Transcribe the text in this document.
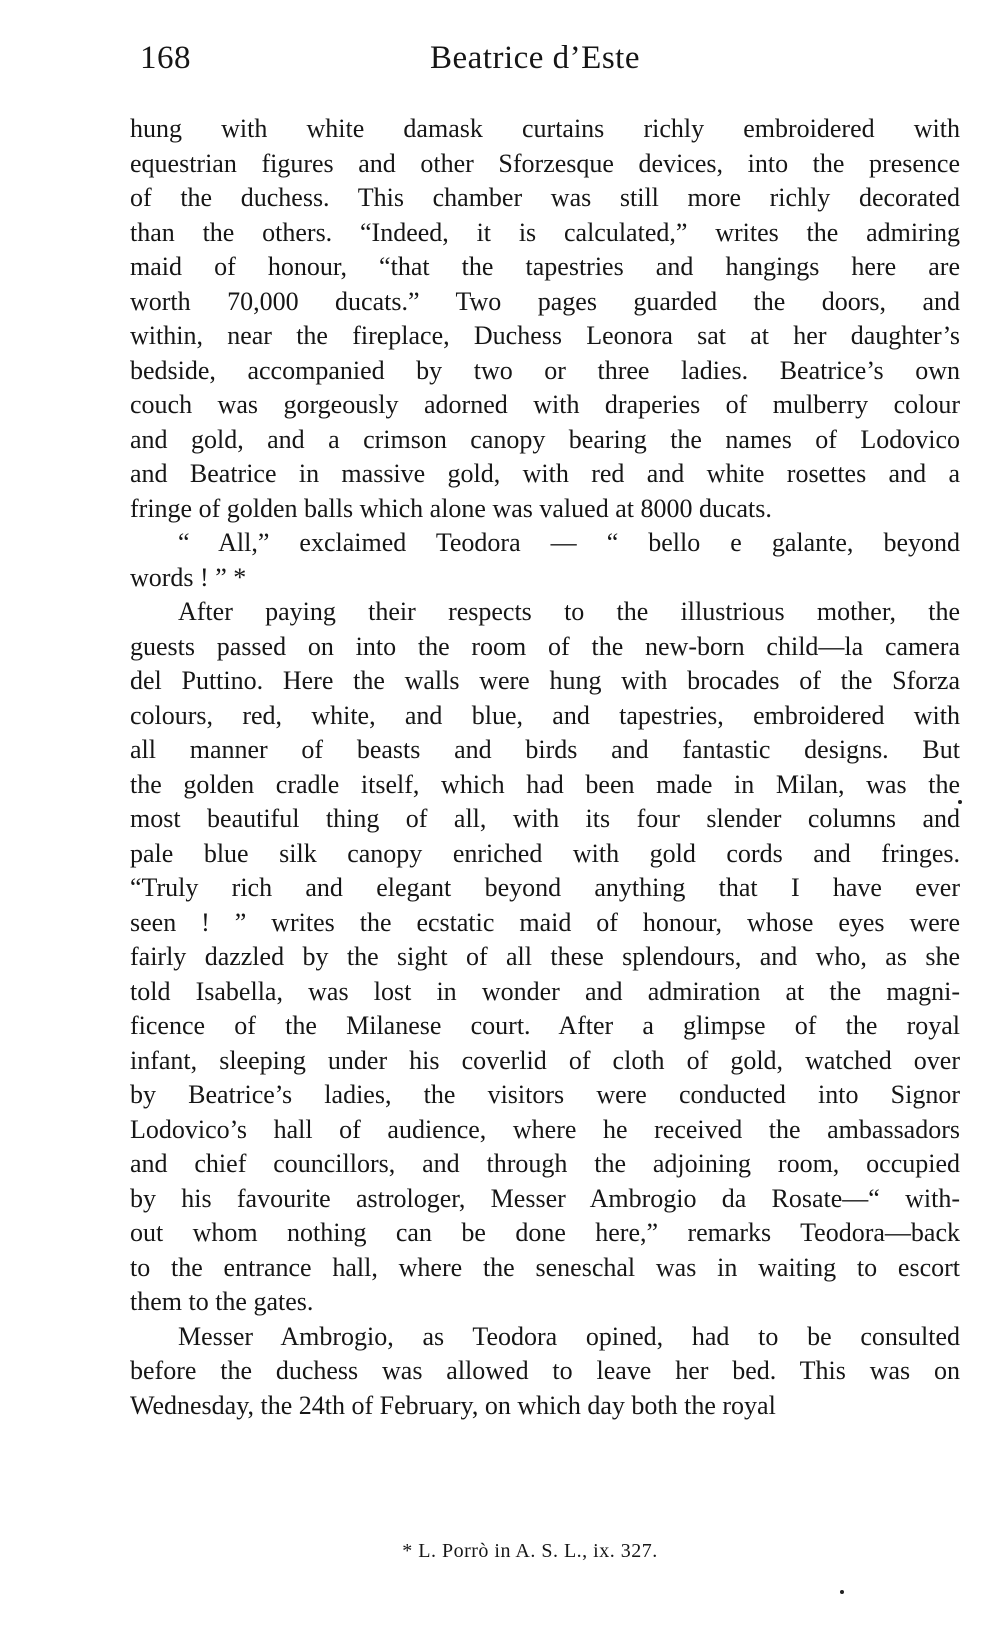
168	Beatrice d’Este
hung with white damask curtains richly embroidered with
equestrian figures and other Sforzesque devices, into the presence
of the duchess. This chamber was still more richly decorated
than the others. “Indeed, it is calculated,” writes the admiring
maid of honour, “that the tapestries and hangings here are
worth 70,000 ducats.” Two pages guarded the doors, and
within, near the fireplace, Duchess Leonora sat at her daughter’s
bedside, accompanied by two or three ladies. Beatrice’s own
couch was gorgeously adorned with draperies of mulberry colour
and gold, and a crimson canopy bearing the names of Lodovico
and Beatrice in massive gold, with red and white rosettes and a
fringe of golden balls which alone was valued at 8000 ducats.
“ All,” exclaimed Teodora — “ bello e galante, beyond
words ! ” *
After paying their respects to the illustrious mother, the
guests passed on into the room of the new-born child—la camera
del Puttino. Here the walls were hung with brocades of the Sforza
colours, red, white, and blue, and tapestries, embroidered with
all manner of beasts and birds and fantastic designs. But
the golden cradle itself, which had been made in Milan, was the
most beautiful thing of all, with its four slender columns and
pale blue silk canopy enriched with gold cords and fringes.
“Truly rich and elegant beyond anything that I have ever
seen ! ” writes the ecstatic maid of honour, whose eyes were
fairly dazzled by the sight of all these splendours, and who, as she
told Isabella, was lost in wonder and admiration at the magni-
ficence of the Milanese court. After a glimpse of the royal
infant, sleeping under his coverlid of cloth of gold, watched over
by Beatrice’s ladies, the visitors were conducted into Signor
Lodovico’s hall of audience, where he received the ambassadors
and chief councillors, and through the adjoining room, occupied
by his favourite astrologer, Messer Ambrogio da Rosate—“ with-
out whom nothing can be done here,” remarks Teodora—back
to the entrance hall, where the seneschal was in waiting to escort
them to the gates.
Messer Ambrogio, as Teodora opined, had to be consulted
before the duchess was allowed to leave her bed. This was on
Wednesday, the 24th of February, on which day both the royal
* L. Porrò in A. S. L., ix. 327.
